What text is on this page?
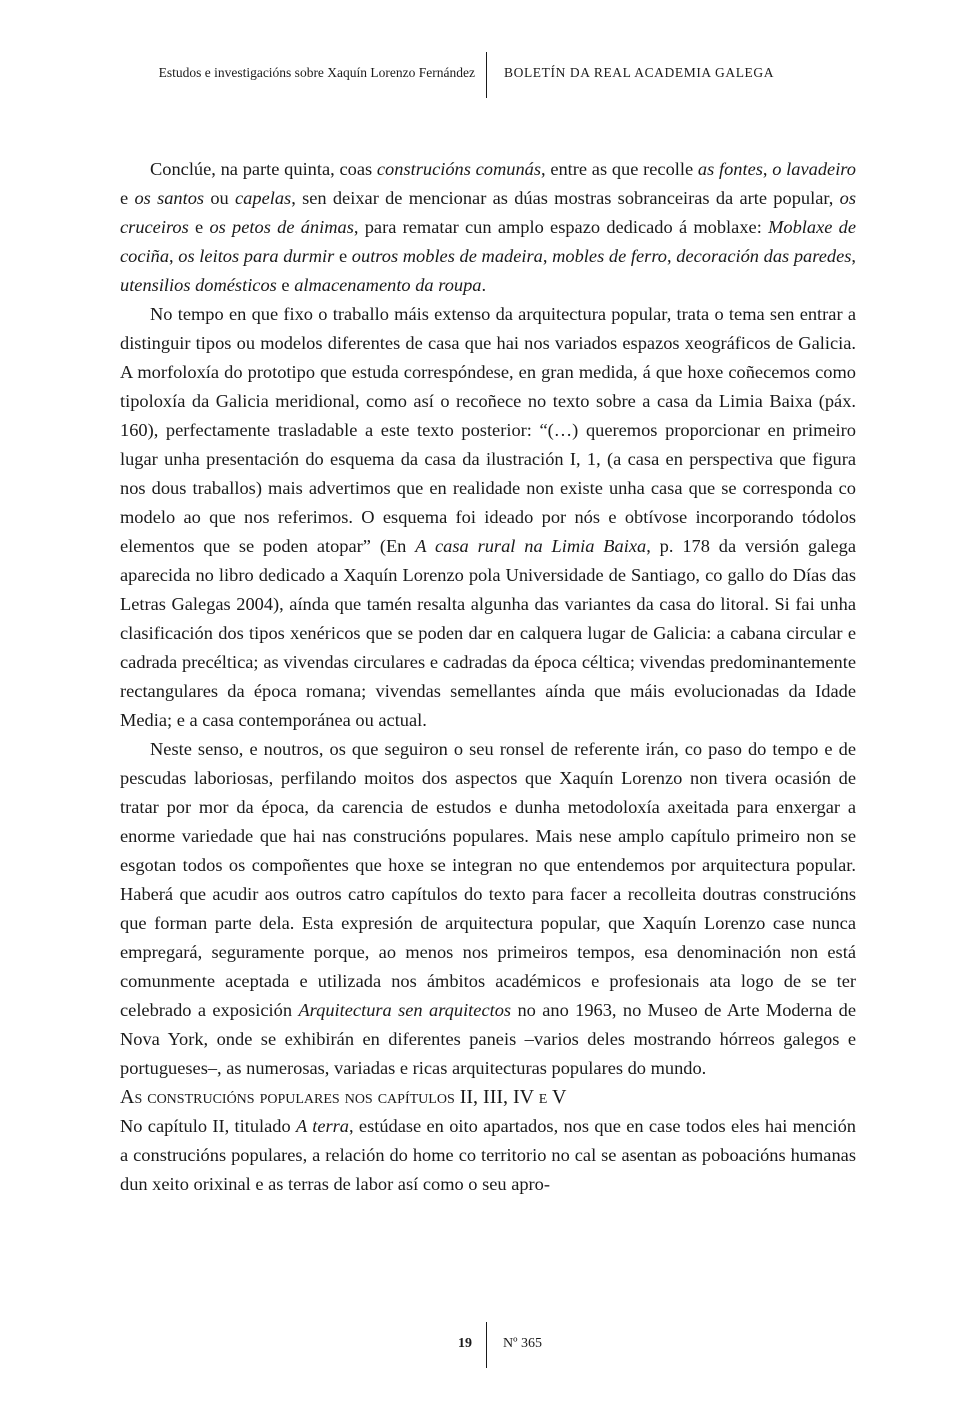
Estudos e investigacións sobre Xaquín Lorenzo Fernández BOLETÍN DA REAL ACADEMIA GALEGA

Conclúe, na parte quinta, coas construcións comunás, entre as que recolle as fontes, o lavadeiro e os santos ou capelas, sen deixar de mencionar as dúas mostras sobranceiras da arte popular, os cruceiros e os petos de ánimas, para rematar cun amplo espazo dedicado á moblaxe: Moblaxe de cociña, os leitos para durmir e outros mobles de madeira, mobles de ferro, decoración das paredes, utensilios domésticos e almacenamento da roupa.

No tempo en que fixo o traballo máis extenso da arquitectura popular, trata o tema sen entrar a distinguir tipos ou modelos diferentes de casa que hai nos variados espazos xeográficos de Galicia. A morfoloxía do prototipo que estuda correspóndese, en gran medida, á que hoxe coñecemos como tipoloxía da Galicia meridional, como así o recoñece no texto sobre a casa da Limia Baixa (páx. 160), perfectamente trasladable a este texto posterior: “(…) queremos proporcionar en primeiro lugar unha presentación do esquema da casa da ilustración I, 1, (a casa en perspectiva que figura nos dous traballos) mais advertimos que en realidade non existe unha casa que se corresponda co modelo ao que nos referimos. O esquema foi ideado por nós e obtívose incorporando tódolos elementos que se poden atopar” (En A casa rural na Limia Baixa, p. 178 da versión galega aparecida no libro dedicado a Xaquín Lorenzo pola Universidade de Santiago, co gallo do Días das Letras Galegas 2004), aínda que tamén resalta algunha das variantes da casa do litoral. Si fai unha clasificación dos tipos xenéricos que se poden dar en calquera lugar de Galicia: a cabana circular e cadrada precéltica; as vivendas circulares e cadradas da época céltica; vivendas predominantemente rectangulares da época romana; vivendas semellantes aínda que máis evolucionadas da Idade Media; e a casa contemporánea ou actual.

Neste senso, e noutros, os que seguiron o seu ronsel de referente irán, co paso do tempo e de pescudas laboriosas, perfilando moitos dos aspectos que Xaquín Lorenzo non tivera ocasión de tratar por mor da época, da carencia de estudos e dunha metodoloxía axeitada para enxergar a enorme variedade que hai nas construcións populares. Mais nese amplo capítulo primeiro non se esgotan todos os compoñentes que hoxe se integran no que entendemos por arquitectura popular. Haberá que acudir aos outros catro capítulos do texto para facer a recolleita doutras construcións que forman parte dela. Esta expresión de arquitectura popular, que Xaquín Lorenzo case nunca empregará, seguramente porque, ao menos nos primeiros tempos, esa denominación non está comunmente aceptada e utilizada nos ámbitos académicos e profesionais ata logo de se ter celebrado a exposición Arquitectura sen arquitectos no ano 1963, no Museo de Arte Moderna de Nova York, onde se exhibirán en diferentes paneis –varios deles mostrando hórreos galegos e portugueses–, as numerosas, variadas e ricas arquitecturas populares do mundo.

As construcións populares nos capítulos II, III, IV e V

No capítulo II, titulado A terra, estúdase en oito apartados, nos que en case todos eles hai mención a construcións populares, a relación do home co territorio no cal se asentan as poboacións humanas dun xeito orixinal e as terras de labor así como o seu apro-

19 Nº 365
